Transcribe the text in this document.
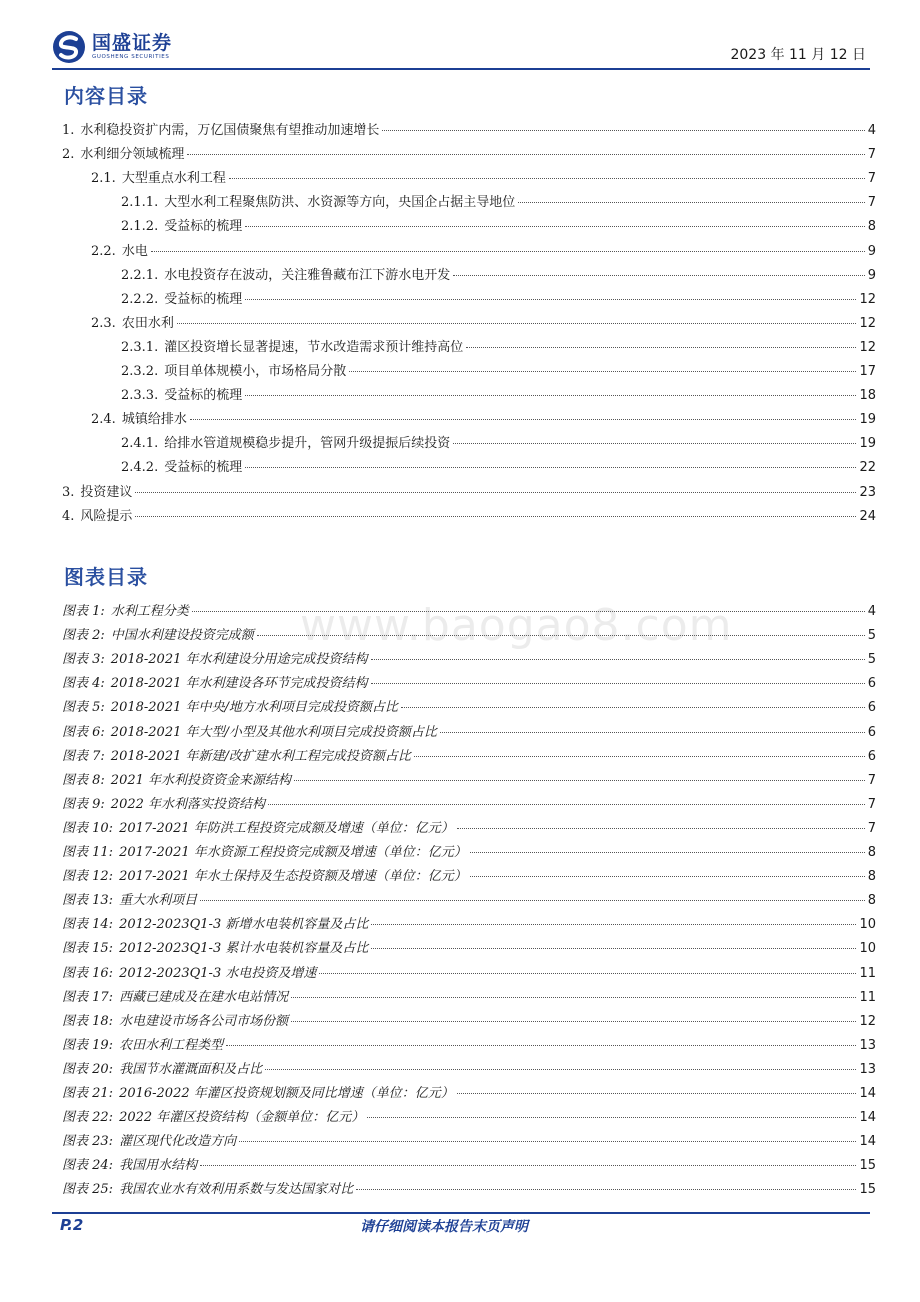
国盛证券
GUOSHENG SECURITIES	2023 年 11 月 12 日
内容目录
1. 水利稳投资扩内需，万亿国债聚焦有望推动加速增长	4
2. 水利细分领域梳理	7
2.1. 大型重点水利工程	7
2.1.1. 大型水利工程聚焦防洪、水资源等方向，央国企占据主导地位	7
2.1.2. 受益标的梳理	8
2.2. 水电	9
2.2.1. 水电投资存在波动，关注雅鲁藏布江下游水电开发	9
2.2.2. 受益标的梳理	12
2.3. 农田水利	12
2.3.1. 灌区投资增长显著提速，节水改造需求预计维持高位	12
2.3.2. 项目单体规模小，市场格局分散	17
2.3.3. 受益标的梳理	18
2.4. 城镇给排水	19
2.4.1. 给排水管道规模稳步提升，管网升级提振后续投资	19
2.4.2. 受益标的梳理	22
3. 投资建议	23
4. 风险提示	24
图表目录
图表 1: 水利工程分类	4
图表 2: 中国水利建设投资完成额	5
图表 3: 2018-2021 年水利建设分用途完成投资结构	5
图表 4: 2018-2021 年水利建设各环节完成投资结构	6
图表 5: 2018-2021 年中央/地方水利项目完成投资额占比	6
图表 6: 2018-2021 年大型/小型及其他水利项目完成投资额占比	6
图表 7: 2018-2021 年新建/改扩建水利工程完成投资额占比	6
图表 8: 2021 年水利投资资金来源结构	7
图表 9: 2022 年水利落实投资结构	7
图表 10: 2017-2021 年防洪工程投资完成额及增速（单位：亿元）	7
图表 11: 2017-2021 年水资源工程投资完成额及增速（单位：亿元）	8
图表 12: 2017-2021 年水土保持及生态投资额及增速（单位：亿元）	8
图表 13: 重大水利项目	8
图表 14: 2012-2023Q1-3 新增水电装机容量及占比	10
图表 15: 2012-2023Q1-3 累计水电装机容量及占比	10
图表 16: 2012-2023Q1-3 水电投资及增速	11
图表 17: 西藏已建成及在建水电站情况	11
图表 18: 水电建设市场各公司市场份额	12
图表 19: 农田水利工程类型	13
图表 20: 我国节水灌溉面积及占比	13
图表 21: 2016-2022 年灌区投资规划额及同比增速（单位：亿元）	14
图表 22: 2022 年灌区投资结构（金额单位：亿元）	14
图表 23: 灌区现代化改造方向	14
图表 24: 我国用水结构	15
图表 25: 我国农业水有效利用系数与发达国家对比	15
www.baogao8.com
P.2	请仔细阅读本报告末页声明
